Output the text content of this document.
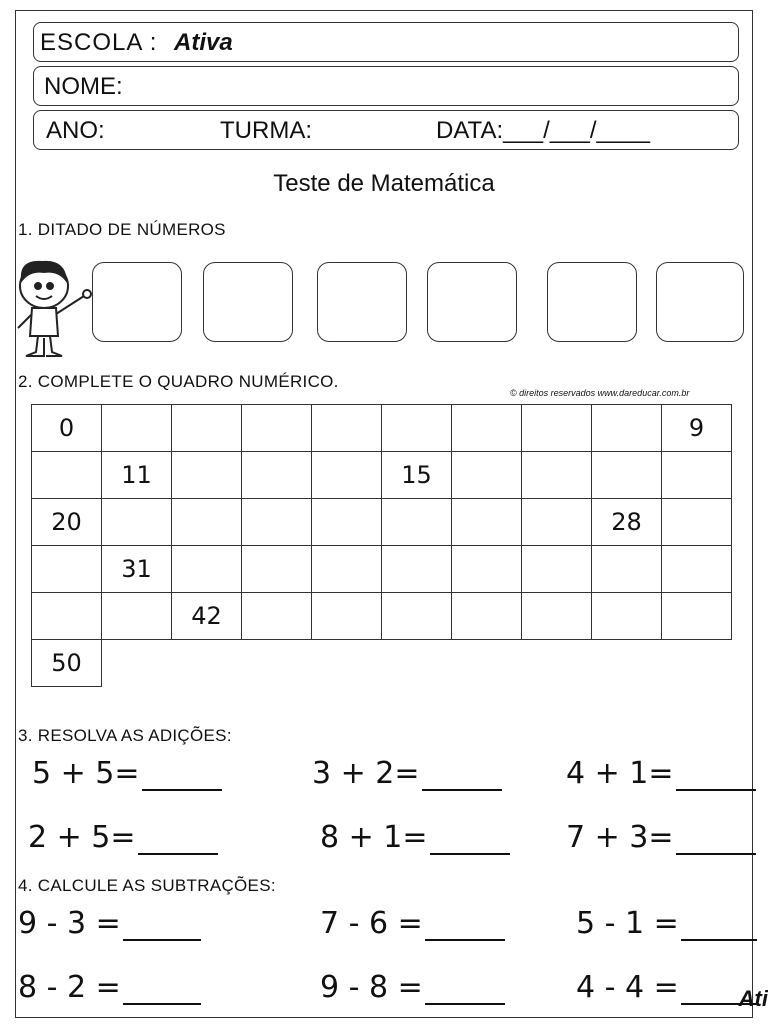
ESCOLA : Ativa
NOME:
ANO:	TURMA:	DATA:___/___/____
Teste de Matemática
1. DITADO DE NÚMEROS
2. COMPLETE O QUADRO NUMÉRICO.
© direitos reservados www.dareducar.com.br
0									9
	11				15				
20								28	
	31								
		42							
50									
3. RESOLVA AS ADIÇÕES:
5 + 5=	3 + 2=	4 + 1=
2 + 5=	8 + 1=	7 + 3=
4. CALCULE AS SUBTRAÇÕES:
9 - 3 =	7 - 6 =	5 - 1 =
8 - 2 =	9 - 8 =	4 - 4 =	Ati
